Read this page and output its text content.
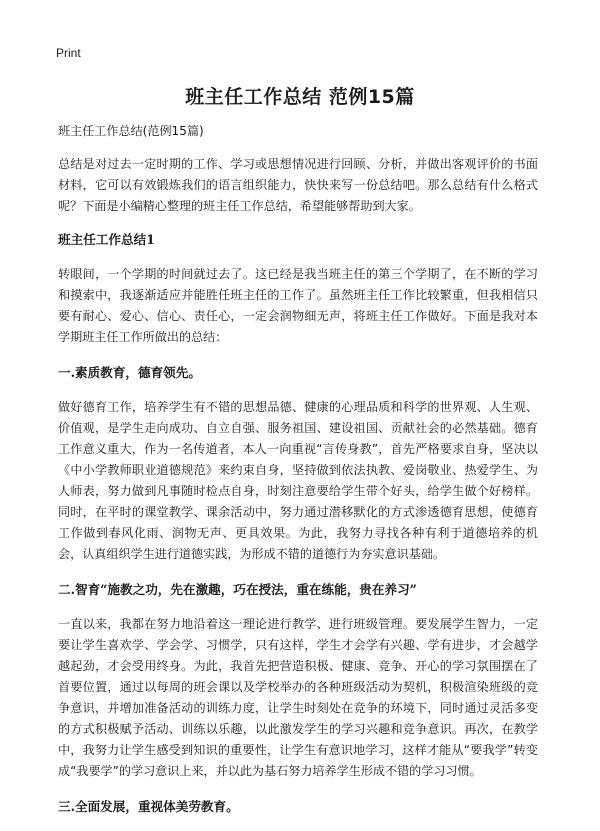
Print
班主任工作总结 范例15篇

班主任工作总结(范例15篇)

总结是对过去一定时期的工作、学习或思想情况进行回顾、分析，并做出客观评价的书面材料，它可以有效锻炼我们的语言组织能力，快快来写一份总结吧。那么总结有什么格式呢？下面是小编精心整理的班主任工作总结，希望能够帮助到大家。

班主任工作总结1

转眼间，一个学期的时间就过去了。这已经是我当班主任的第三个学期了，在不断的学习和摸索中，我逐渐适应并能胜任班主任的工作了。虽然班主任工作比较繁重，但我相信只要有耐心、爱心、信心、责任心，一定会润物细无声，将班主任工作做好。下面是我对本学期班主任工作所做出的总结：

一.素质教育，德育领先。

做好德育工作，培养学生有不错的思想品德、健康的心理品质和科学的世界观、人生观、价值观，是学生走向成功、自立自强、服务祖国、建设祖国、贡献社会的必然基础。德育工作意义重大，作为一名传道者，本人一向重视“言传身教”，首先严格要求自身，坚决以《中小学教师职业道德规范》来约束自身，坚持做到依法执教、爱岗敬业、热爱学生、为人师表，努力做到凡事随时检点自身，时刻注意要给学生带个好头，给学生做个好榜样。同时，在平时的课堂教学、课余活动中，努力通过潜移默化的方式渗透德育思想，使德育工作做到春风化雨、润物无声、更具效果。为此，我努力寻找各种有利于道德培养的机会，认真组织学生进行道德实践，为形成不错的道德行为夯实意识基础。

二.智育“施教之功，先在激趣，巧在授法，重在练能，贵在养习”

一直以来，我都在努力地沿着这一理论进行教学、进行班级管理。要发展学生智力，一定要让学生喜欢学、学会学、习惯学，只有这样，学生才会学有兴趣、学有进步，才会越学越起劲，才会受用终身。为此，我首先把营造积极、健康、竞争、开心的学习氛围摆在了首要位置，通过以每周的班会课以及学校举办的各种班级活动为契机，积极渲染班级的竞争意识，并增加准备活动的训练力度，让学生时刻处在竞争的环境下，同时通过灵活多变的方式积极赋予活动、训练以乐趣，以此激发学生的学习兴趣和竞争意识。再次，在教学中，我努力让学生感受到知识的重要性，让学生有意识地学习，这样才能从“要我学”转变成“我要学”的学习意识上来，并以此为基石努力培养学生形成不错的学习习惯。

三.全面发展，重视体美劳教育。
